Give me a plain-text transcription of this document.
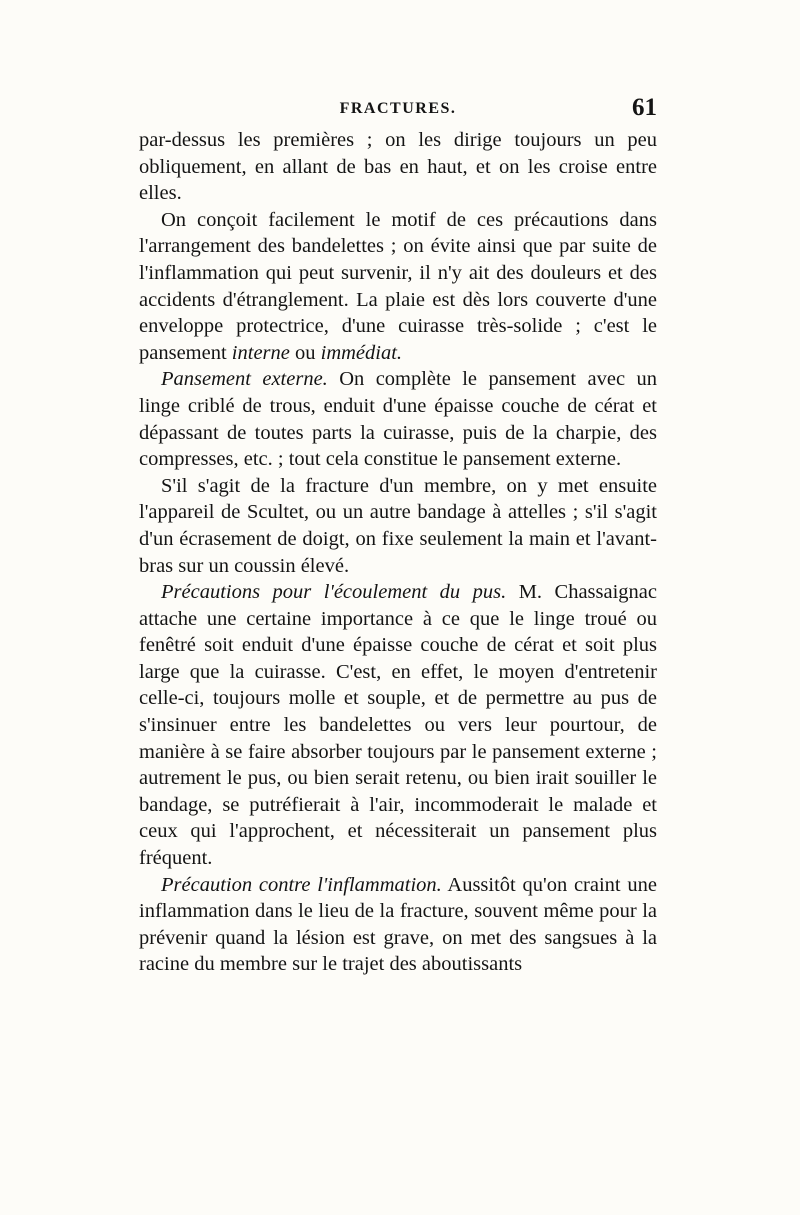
FRACTURES.	61

par-dessus les premières ; on les dirige toujours un peu obliquement, en allant de bas en haut, et on les croise entre elles.

On conçoit facilement le motif de ces précautions dans l'arrangement des bandelettes ; on évite ainsi que par suite de l'inflammation qui peut survenir, il n'y ait des douleurs et des accidents d'étranglement. La plaie est dès lors couverte d'une enveloppe protectrice, d'une cuirasse très-solide ; c'est le pansement interne ou immédiat.

Pansement externe. On complète le pansement avec un linge criblé de trous, enduit d'une épaisse couche de cérat et dépassant de toutes parts la cuirasse, puis de la charpie, des compresses, etc. ; tout cela constitue le pansement externe.

S'il s'agit de la fracture d'un membre, on y met ensuite l'appareil de Scultet, ou un autre bandage à attelles ; s'il s'agit d'un écrasement de doigt, on fixe seulement la main et l'avant-bras sur un coussin élevé.

Précautions pour l'écoulement du pus. M. Chassaignac attache une certaine importance à ce que le linge troué ou fenêtré soit enduit d'une épaisse couche de cérat et soit plus large que la cuirasse. C'est, en effet, le moyen d'entretenir celle-ci, toujours molle et souple, et de permettre au pus de s'insinuer entre les bandelettes ou vers leur pourtour, de manière à se faire absorber toujours par le pansement externe ; autrement le pus, ou bien serait retenu, ou bien irait souiller le bandage, se putréfierait à l'air, incommoderait le malade et ceux qui l'approchent, et nécessiterait un pansement plus fréquent.

Précaution contre l'inflammation. Aussitôt qu'on craint une inflammation dans le lieu de la fracture, souvent même pour la prévenir quand la lésion est grave, on met des sangsues à la racine du membre sur le trajet des aboutissants
